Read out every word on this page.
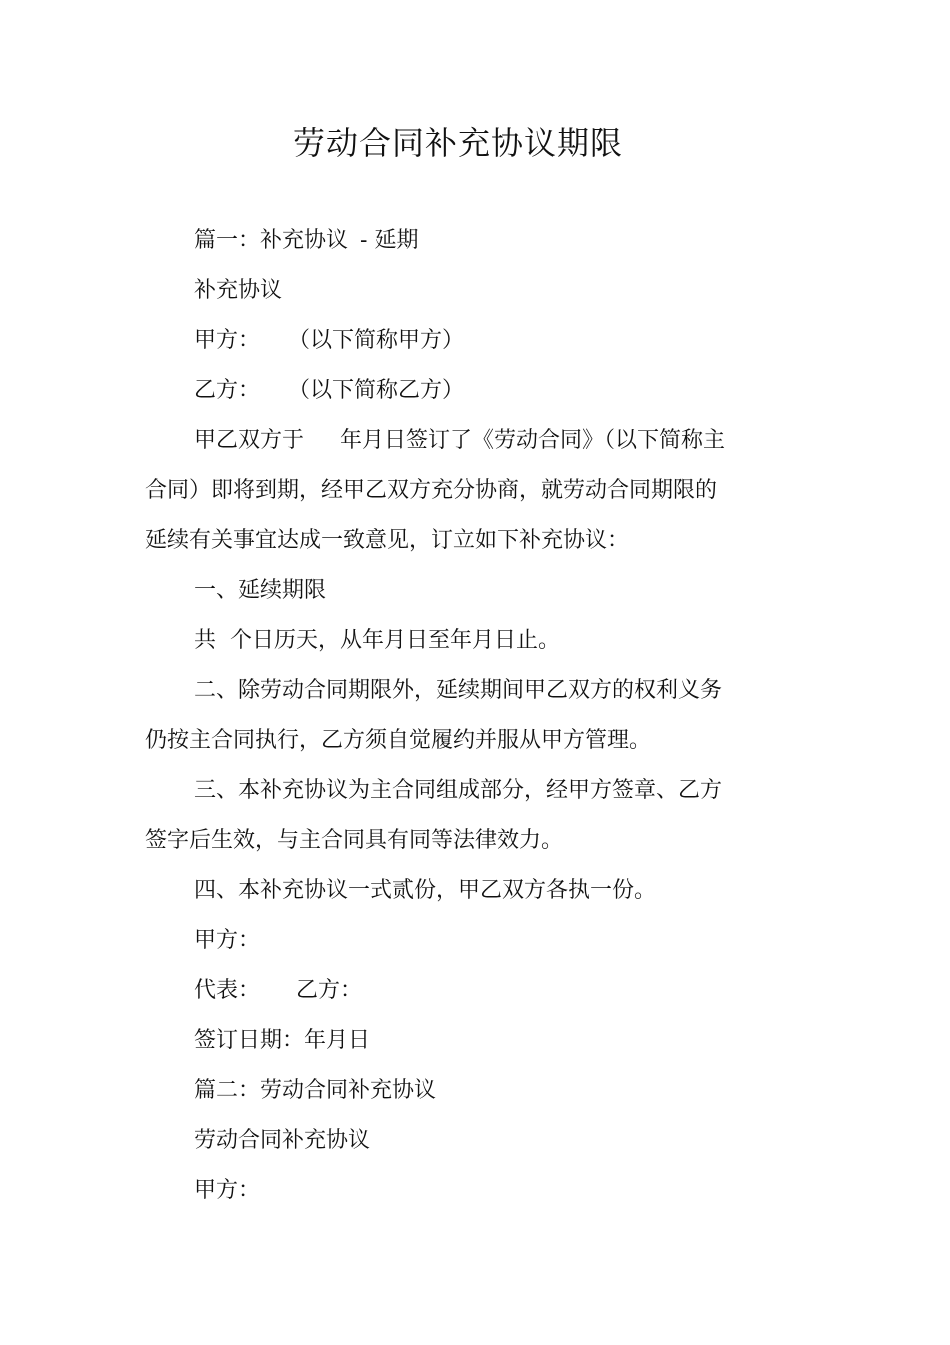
劳动合同补充协议期限
篇一：补充协议 - 延期
补充协议
甲方： （以下简称甲方）
乙方： （以下简称乙方）
甲乙双方于 年月日签订了《劳动合同》（以下简称主
合同）即将到期，经甲乙双方充分协商，就劳动合同期限的
延续有关事宜达成一致意见，订立如下补充协议：
一、延续期限
共 个日历天，从年月日至年月日止。
二、除劳动合同期限外，延续期间甲乙双方的权利义务
仍按主合同执行，乙方须自觉履约并服从甲方管理。
三、本补充协议为主合同组成部分，经甲方签章、乙方
签字后生效，与主合同具有同等法律效力。
四、本补充协议一式贰份，甲乙双方各执一份。
甲方：
代表： 乙方：
签订日期：年月日
篇二：劳动合同补充协议
劳动合同补充协议
甲方：
